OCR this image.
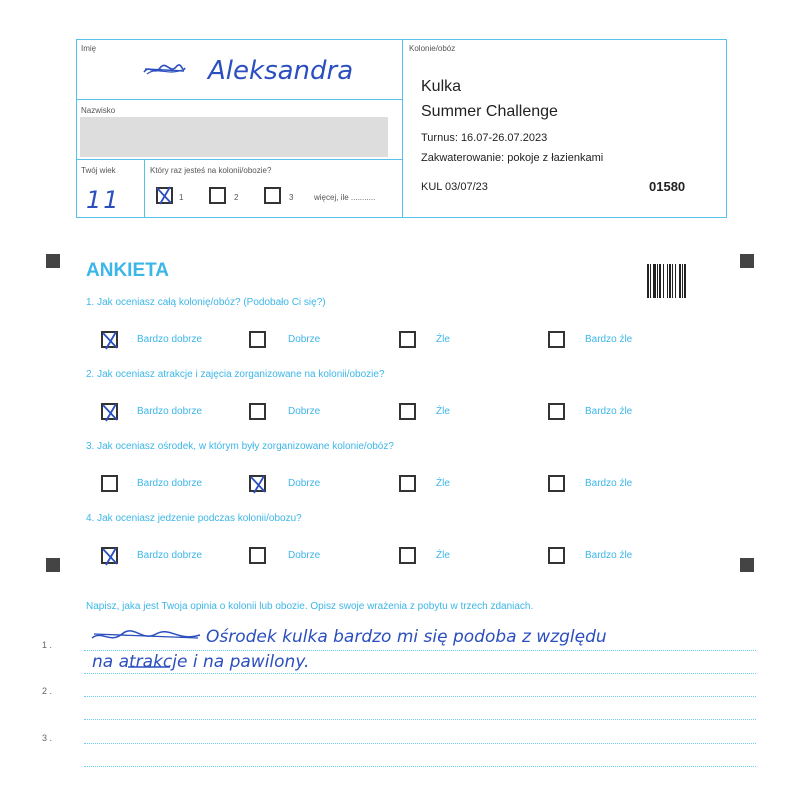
Imię
Aleksandra
Nazwisko
Twój wiek
11
Który raz jesteś na kolonii/obozie?
1	2	3	więcej, ile ...........
Kolonie/obóz
Kulka
Summer Challenge
Turnus: 16.07-26.07.2023
Zakwaterowanie: pokoje z łazienkami
KUL 03/07/23	01580
ANKIETA
1. Jak oceniasz całą kolonię/obóz? (Podobało Ci się?)
Bardzo dobrze	Dobrze	Źle	Bardzo źle
2. Jak oceniasz atrakcje i zajęcia zorganizowane na kolonii/obozie?
Bardzo dobrze	Dobrze	Źle	Bardzo źle
3. Jak oceniasz ośrodek, w którym były zorganizowane kolonie/obóz?
Bardzo dobrze	Dobrze	Źle	Bardzo źle
4. Jak oceniasz jedzenie podczas kolonii/obozu?
Bardzo dobrze	Dobrze	Źle	Bardzo źle
Napisz, jaka jest Twoja opinia o kolonii lub obozie. Opisz swoje wrażenia z pobytu w trzech zdaniach.
1 .
2 .
3 .
Ośrodek kulka bardzo mi się podoba z względu
na atrakcje i na pawilony.
